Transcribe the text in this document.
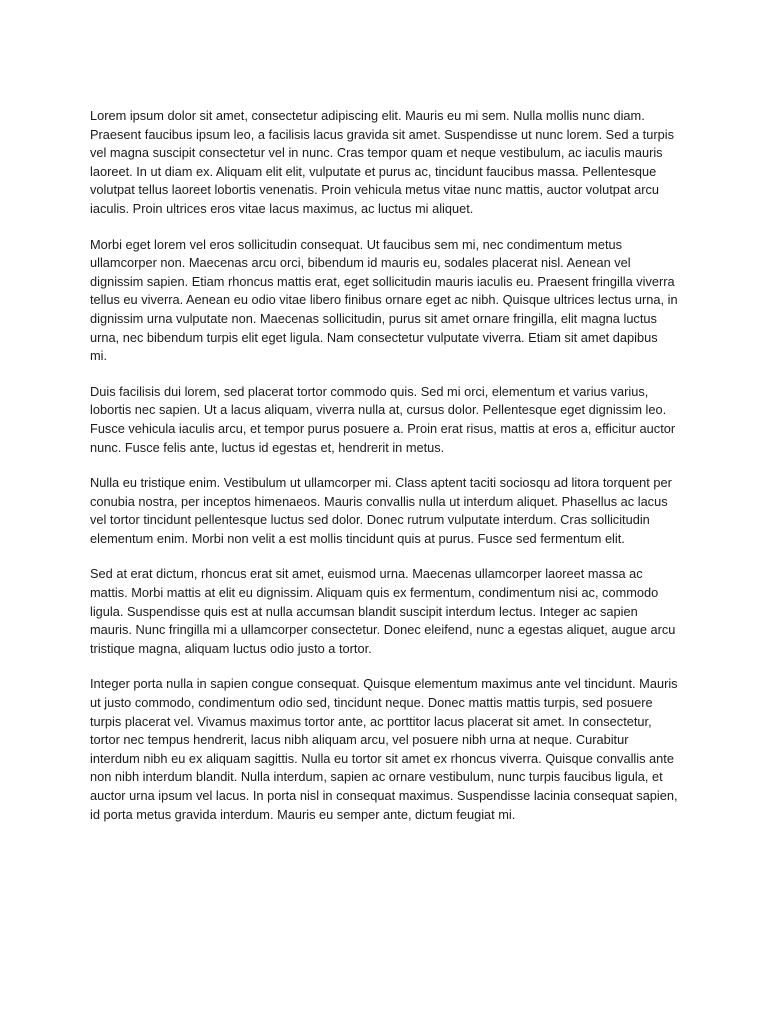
Lorem ipsum dolor sit amet, consectetur adipiscing elit. Mauris eu mi sem. Nulla mollis nunc diam. Praesent faucibus ipsum leo, a facilisis lacus gravida sit amet. Suspendisse ut nunc lorem. Sed a turpis vel magna suscipit consectetur vel in nunc. Cras tempor quam et neque vestibulum, ac iaculis mauris laoreet. In ut diam ex. Aliquam elit elit, vulputate et purus ac, tincidunt faucibus massa. Pellentesque volutpat tellus laoreet lobortis venenatis. Proin vehicula metus vitae nunc mattis, auctor volutpat arcu iaculis. Proin ultrices eros vitae lacus maximus, ac luctus mi aliquet.

Morbi eget lorem vel eros sollicitudin consequat. Ut faucibus sem mi, nec condimentum metus ullamcorper non. Maecenas arcu orci, bibendum id mauris eu, sodales placerat nisl. Aenean vel dignissim sapien. Etiam rhoncus mattis erat, eget sollicitudin mauris iaculis eu. Praesent fringilla viverra tellus eu viverra. Aenean eu odio vitae libero finibus ornare eget ac nibh. Quisque ultrices lectus urna, in dignissim urna vulputate non. Maecenas sollicitudin, purus sit amet ornare fringilla, elit magna luctus urna, nec bibendum turpis elit eget ligula. Nam consectetur vulputate viverra. Etiam sit amet dapibus mi.

Duis facilisis dui lorem, sed placerat tortor commodo quis. Sed mi orci, elementum et varius varius, lobortis nec sapien. Ut a lacus aliquam, viverra nulla at, cursus dolor. Pellentesque eget dignissim leo. Fusce vehicula iaculis arcu, et tempor purus posuere a. Proin erat risus, mattis at eros a, efficitur auctor nunc. Fusce felis ante, luctus id egestas et, hendrerit in metus.

Nulla eu tristique enim. Vestibulum ut ullamcorper mi. Class aptent taciti sociosqu ad litora torquent per conubia nostra, per inceptos himenaeos. Mauris convallis nulla ut interdum aliquet. Phasellus ac lacus vel tortor tincidunt pellentesque luctus sed dolor. Donec rutrum vulputate interdum. Cras sollicitudin elementum enim. Morbi non velit a est mollis tincidunt quis at purus. Fusce sed fermentum elit.

Sed at erat dictum, rhoncus erat sit amet, euismod urna. Maecenas ullamcorper laoreet massa ac mattis. Morbi mattis at elit eu dignissim. Aliquam quis ex fermentum, condimentum nisi ac, commodo ligula. Suspendisse quis est at nulla accumsan blandit suscipit interdum lectus. Integer ac sapien mauris. Nunc fringilla mi a ullamcorper consectetur. Donec eleifend, nunc a egestas aliquet, augue arcu tristique magna, aliquam luctus odio justo a tortor.

Integer porta nulla in sapien congue consequat. Quisque elementum maximus ante vel tincidunt. Mauris ut justo commodo, condimentum odio sed, tincidunt neque. Donec mattis mattis turpis, sed posuere turpis placerat vel. Vivamus maximus tortor ante, ac porttitor lacus placerat sit amet. In consectetur, tortor nec tempus hendrerit, lacus nibh aliquam arcu, vel posuere nibh urna at neque. Curabitur interdum nibh eu ex aliquam sagittis. Nulla eu tortor sit amet ex rhoncus viverra. Quisque convallis ante non nibh interdum blandit. Nulla interdum, sapien ac ornare vestibulum, nunc turpis faucibus ligula, et auctor urna ipsum vel lacus. In porta nisl in consequat maximus. Suspendisse lacinia consequat sapien, id porta metus gravida interdum. Mauris eu semper ante, dictum feugiat mi.
